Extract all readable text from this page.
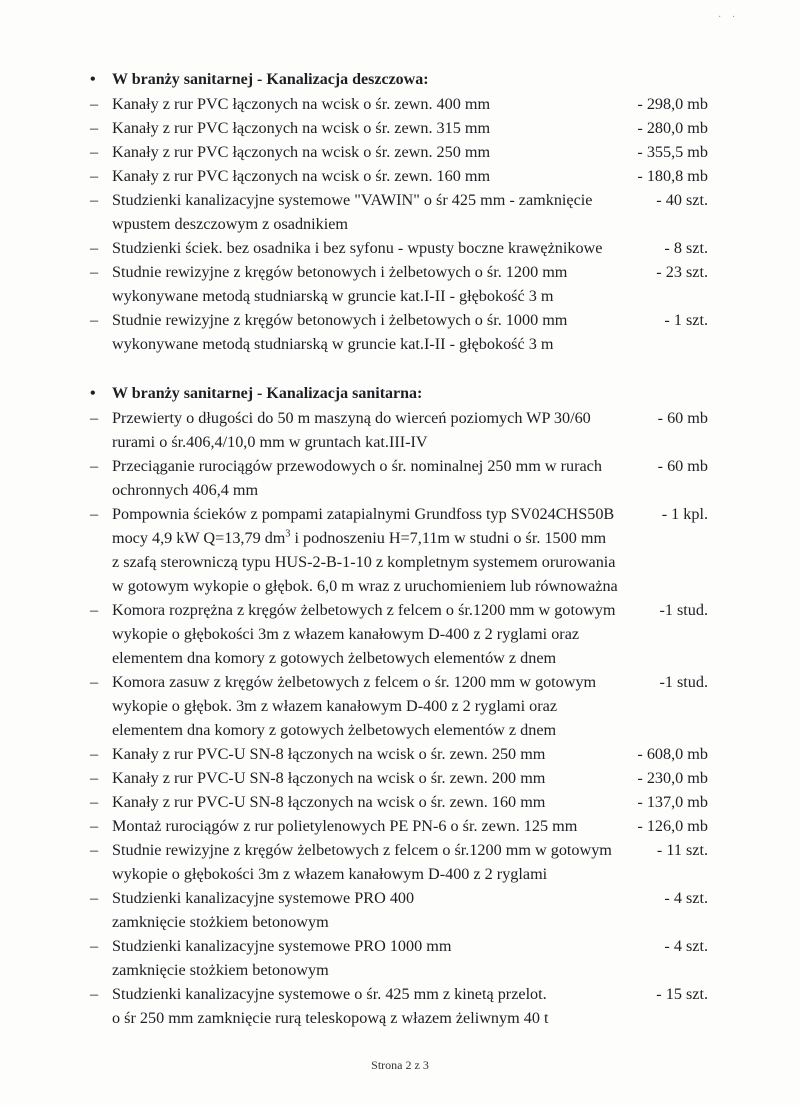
· ·
• W branży sanitarnej - Kanalizacja deszczowa:
– Kanały z rur PVC łączonych na wcisk o śr. zewn. 400 mm	- 298,0 mb
– Kanały z rur PVC łączonych na wcisk o śr. zewn. 315 mm	- 280,0 mb
– Kanały z rur PVC łączonych na wcisk o śr. zewn. 250 mm	- 355,5 mb
– Kanały z rur PVC łączonych na wcisk o śr. zewn. 160 mm	- 180,8 mb
– Studzienki kanalizacyjne systemowe "VAWIN" o śr 425 mm - zamknięcie	- 40 szt.
wpustem deszczowym z osadnikiem
– Studzienki ściek. bez osadnika i bez syfonu - wpusty boczne krawężnikowe	- 8 szt.
– Studnie rewizyjne z kręgów betonowych i żelbetowych o śr. 1200 mm	- 23 szt.
wykonywane metodą studniarską w gruncie kat.I-II - głębokość 3 m
– Studnie rewizyjne z kręgów betonowych i żelbetowych o śr. 1000 mm	- 1 szt.
wykonywane metodą studniarską w gruncie kat.I-II - głębokość 3 m
• W branży sanitarnej - Kanalizacja sanitarna:
– Przewierty o długości do 50 m maszyną do wierceń poziomych WP 30/60	- 60 mb
rurami o śr.406,4/10,0 mm w gruntach kat.III-IV
– Przeciąganie rurociągów przewodowych o śr. nominalnej 250 mm w rurach	- 60 mb
ochronnych 406,4 mm
– Pompownia ścieków z pompami zatapialnymi Grundfoss typ SV024CHS50B	- 1 kpl.
mocy 4,9 kW Q=13,79 $dm^3$ i podnoszeniu H=7,11m w studni o śr. 1500 mm
z szafą sterowniczą typu HUS-2-B-1-10 z kompletnym systemem orurowania
w gotowym wykopie o głębok. 6,0 m wraz z uruchomieniem lub równoważna
– Komora rozprężna z kręgów żelbetowych z felcem o śr.1200 mm w gotowym	-1 stud.
wykopie o głębokości 3m z włazem kanałowym D-400 z 2 ryglami oraz
elementem dna komory z gotowych żelbetowych elementów z dnem
– Komora zasuw z kręgów żelbetowych z felcem o śr. 1200 mm w gotowym	-1 stud.
wykopie o głębok. 3m z włazem kanałowym D-400 z 2 ryglami oraz
elementem dna komory z gotowych żelbetowych elementów z dnem
– Kanały z rur PVC-U SN-8 łączonych na wcisk o śr. zewn. 250 mm	- 608,0 mb
– Kanały z rur PVC-U SN-8 łączonych na wcisk o śr. zewn. 200 mm	- 230,0 mb
– Kanały z rur PVC-U SN-8 łączonych na wcisk o śr. zewn. 160 mm	- 137,0 mb
– Montaż rurociągów z rur polietylenowych PE PN-6 o śr. zewn. 125 mm	- 126,0 mb
– Studnie rewizyjne z kręgów żelbetowych z felcem o śr.1200 mm w gotowym	- 11 szt.
wykopie o głębokości 3m z włazem kanałowym D-400 z 2 ryglami
– Studzienki kanalizacyjne systemowe PRO 400	- 4 szt.
zamknięcie stożkiem betonowym
– Studzienki kanalizacyjne systemowe PRO 1000 mm	- 4 szt.
zamknięcie stożkiem betonowym
– Studzienki kanalizacyjne systemowe o śr. 425 mm z kinetą przelot.	- 15 szt.
o śr 250 mm zamknięcie rurą teleskopową z włazem żeliwnym 40 t
Strona 2 z 3
